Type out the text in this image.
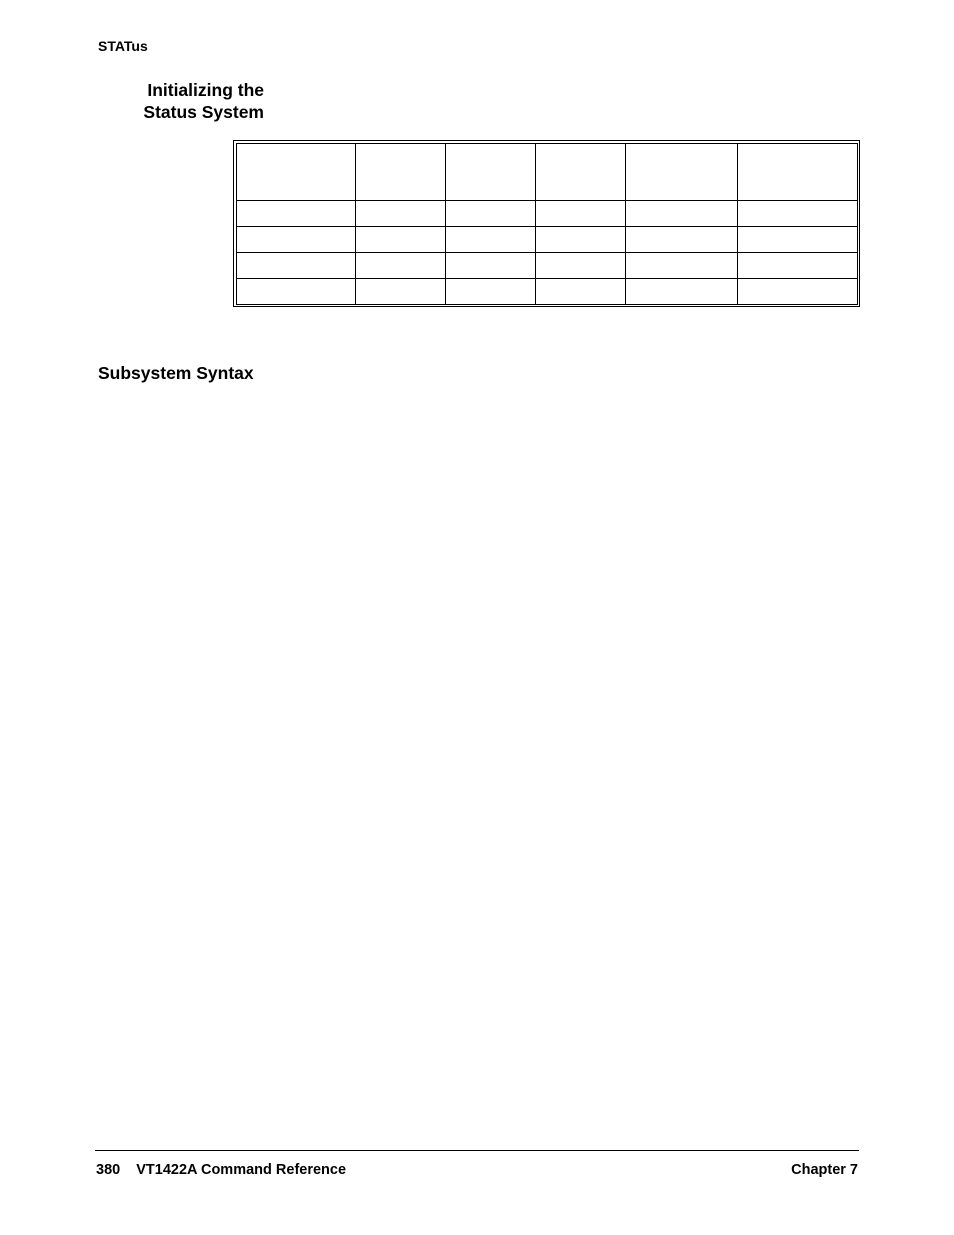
STATus
Initializing the
Status System

Subsystem Syntax
380 VT1422A Command Reference	Chapter 7
